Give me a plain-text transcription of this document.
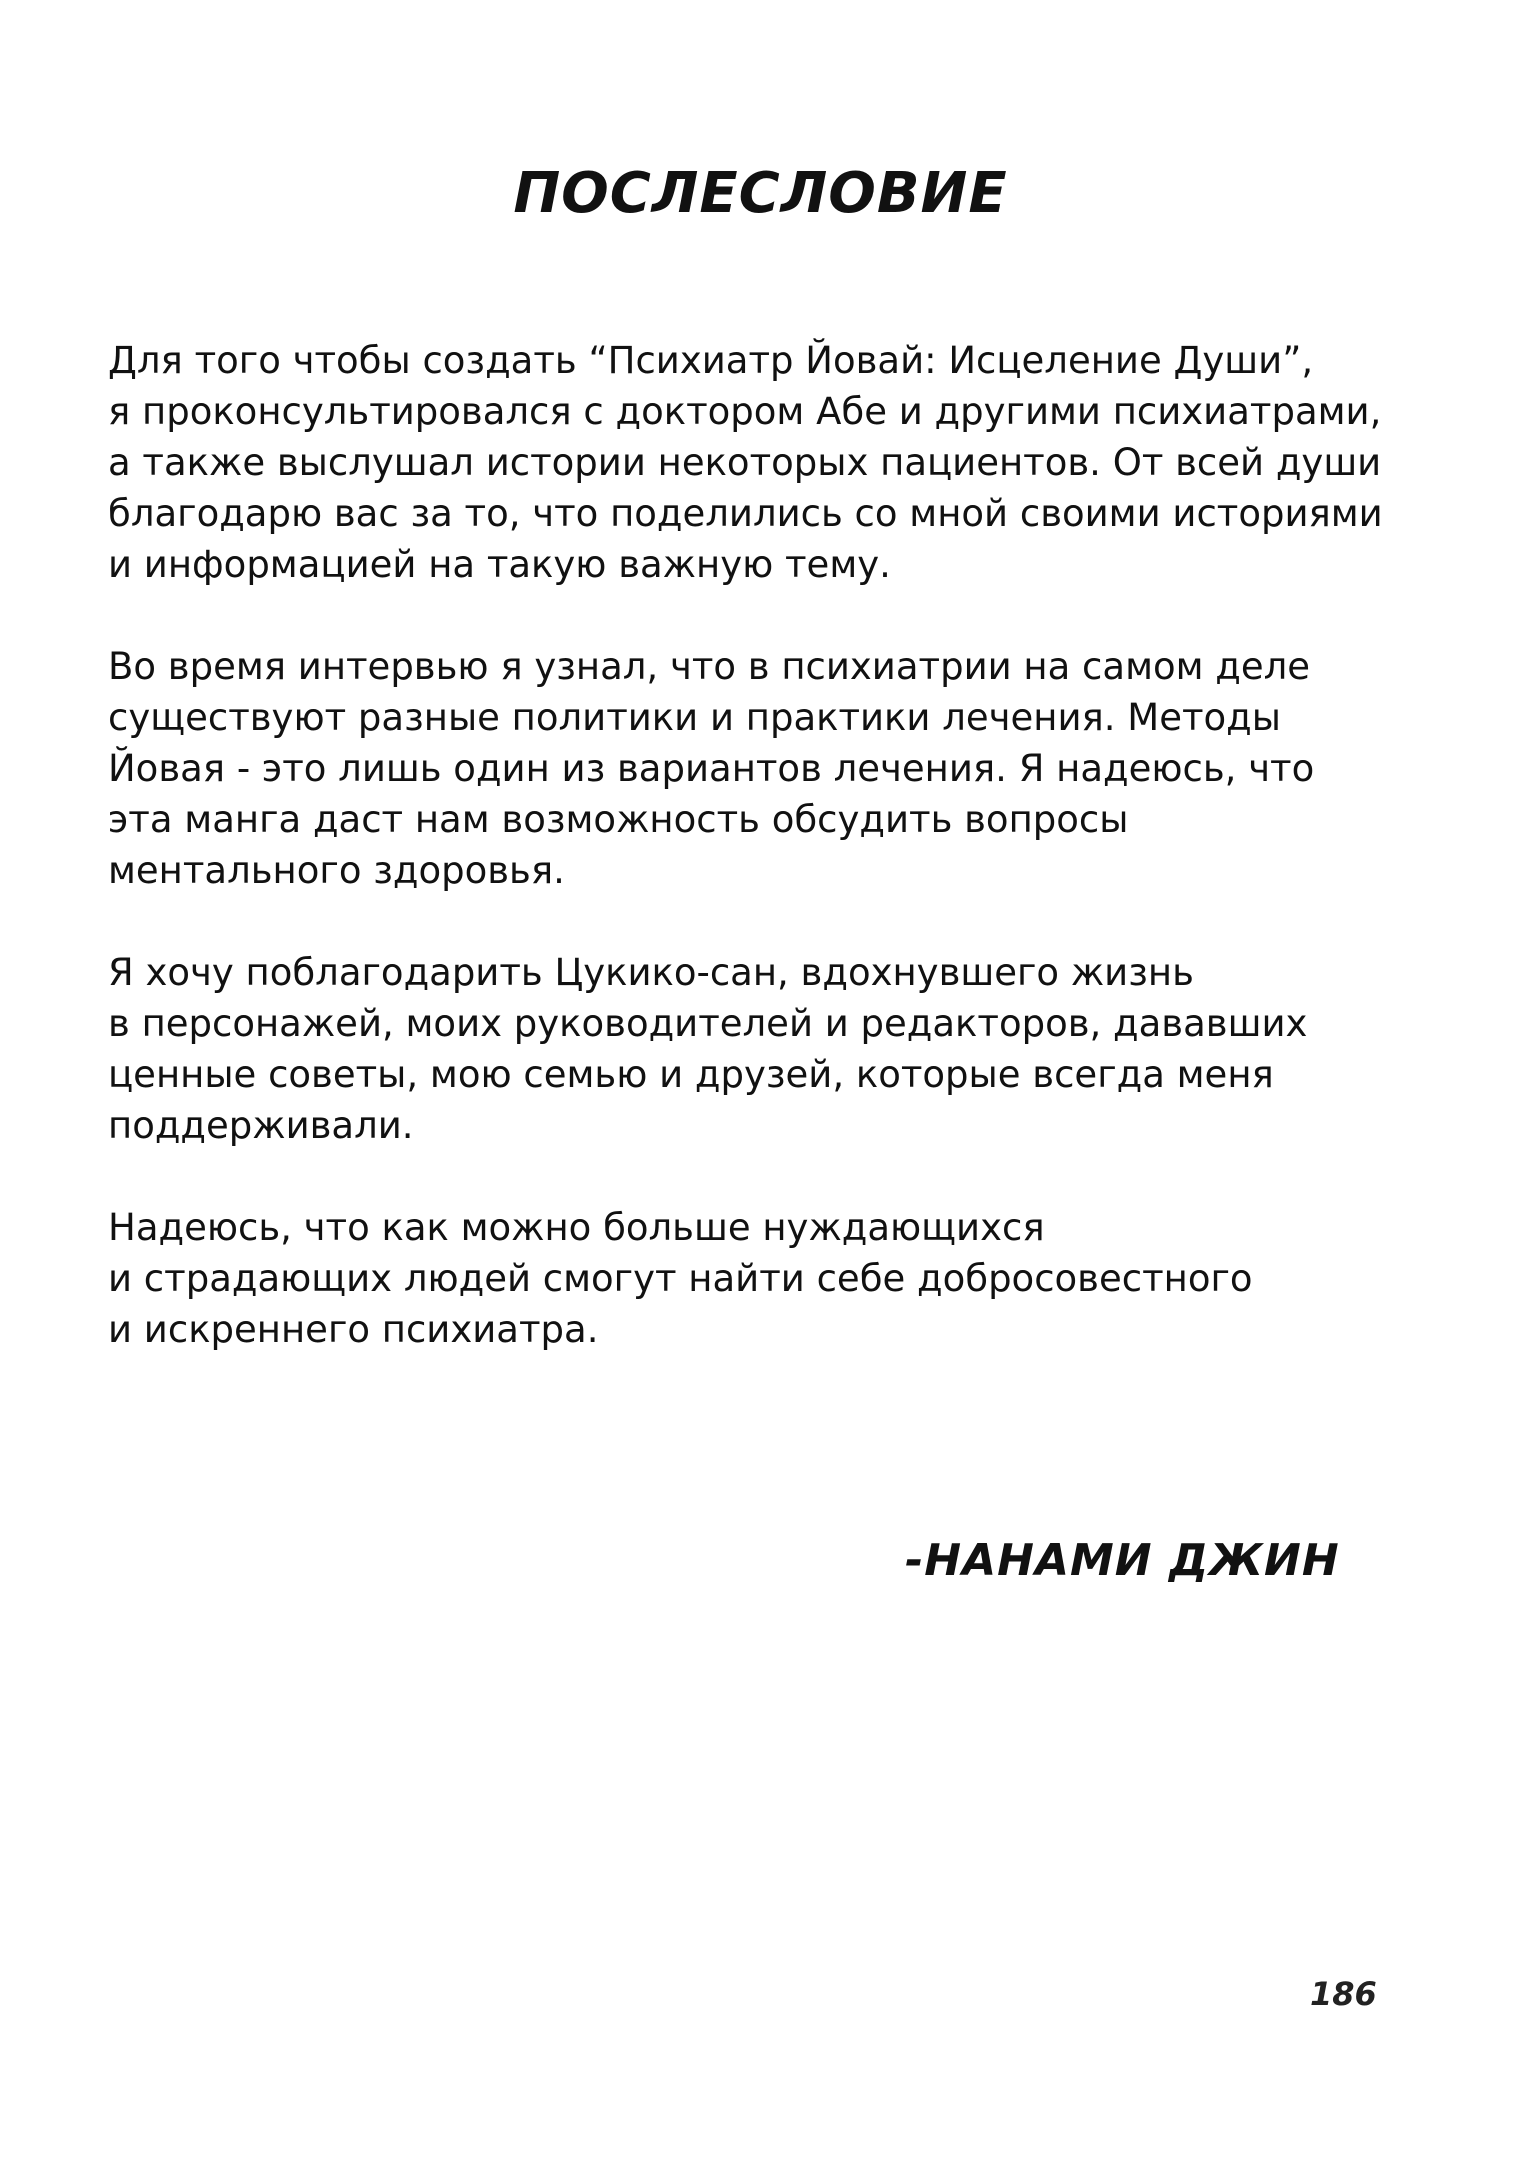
ПОСЛЕСЛОВИЕ

Для того чтобы создать “Психиатр Йовай: Исцеление Души”,
я проконсультировался с доктором Абе и другими психиатрами,
а также выслушал истории некоторых пациентов. От всей души
благодарю вас за то, что поделились со мной своими историями
и информацией на такую важную тему.

Во время интервью я узнал, что в психиатрии на самом деле
существуют разные политики и практики лечения. Методы
Йовая - это лишь один из вариантов лечения. Я надеюсь, что
эта манга даст нам возможность обсудить вопросы
ментального здоровья.

Я хочу поблагодарить Цукико-сан, вдохнувшего жизнь
в персонажей, моих руководителей и редакторов, дававших
ценные советы, мою семью и друзей, которые всегда меня
поддерживали.

Надеюсь, что как можно больше нуждающихся
и страдающих людей смогут найти себе добросовестного
и искреннего психиатра.

-НАНАМИ ДЖИН
186
